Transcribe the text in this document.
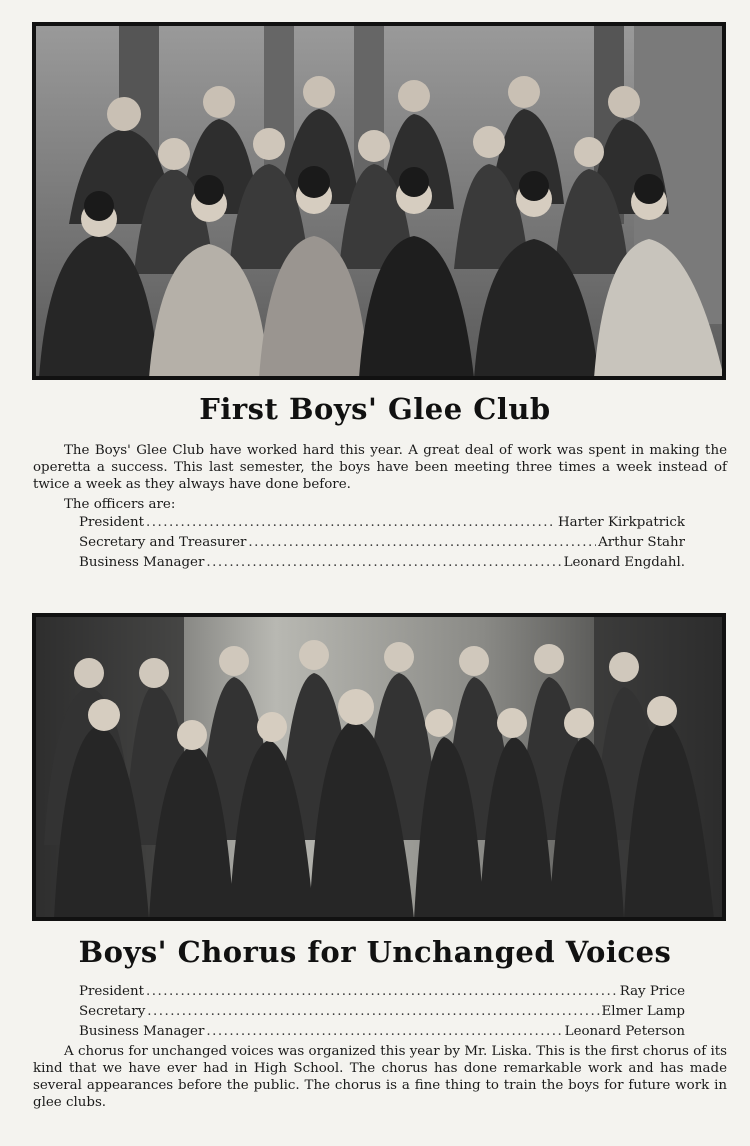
First Boys' Glee Club

The Boys' Glee Club have worked hard this year. A great deal of work was spent in making the operetta a success. This last semester, the boys have been meeting three times a week instead of twice a week as they always have done before.

The officers are:
President .....	Harter Kirkpatrick
Secretary and Treasurer .....	Arthur Stahr
Business Manager .....	Leonard Engdahl.
Boys' Chorus for Unchanged Voices
President .....	Ray Price
Secretary .....	Elmer Lamp
Business Manager .....	Leonard Peterson

A chorus for unchanged voices was organized this year by Mr. Liska. This is the first chorus of its kind that we have ever had in High School. The chorus has done remarkable work and has made several appearances before the public. The chorus is a fine thing to train the boys for future work in glee clubs.
